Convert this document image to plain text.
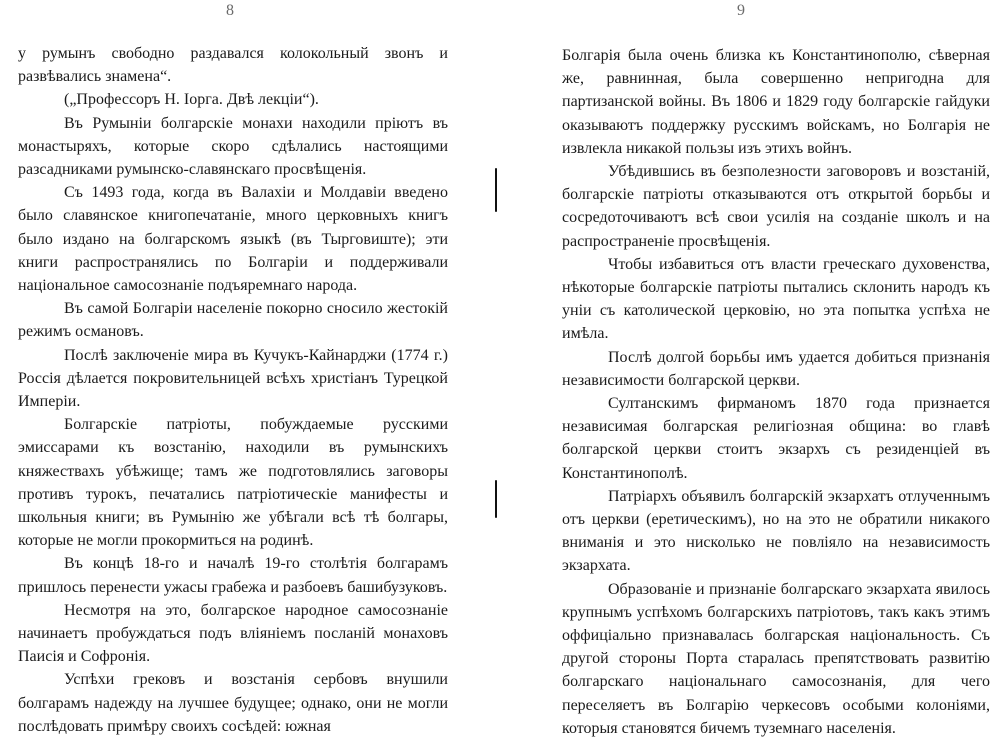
8

у румынъ свободно раздавался колокольный звонъ и развѣвались знамена“.

(„Профессоръ Н. Іорга. Двѣ лекціи“).

Въ Румыніи болгарскіе монахи находили пріютъ въ монастыряхъ, которые скоро сдѣлались настоящими разсадниками румынско-славянскаго просвѣщенія.

Съ 1493 года, когда въ Валахіи и Молдавіи введено было славянское книгопечатаніе, много церковныхъ книгъ было издано на болгарскомъ языкѣ (въ Тырговиште); эти книги распространялись по Болгаріи и поддерживали національное самосознаніе подъяремнаго народа.

Въ самой Болгаріи населеніе покорно сносило жестокій режимъ османовъ.

Послѣ заключеніе мира въ Кучукъ-Кайнарджи (1774 г.) Россія дѣлается покровительницей всѣхъ христіанъ Турецкой Имперіи.

Болгарскіе патріоты, побуждаемые русскими эмиссарами къ возстанію, находили въ румынскихъ княжествахъ убѣжище; тамъ же подготовлялись заговоры противъ турокъ, печатались патріотическіе манифесты и школьныя книги; въ Румынію же убѣгали всѣ тѣ болгары, которые не могли прокормиться на родинѣ.

Въ концѣ 18-го и началѣ 19-го столѣтія болгарамъ пришлось перенести ужасы грабежа и разбоевъ башибузуковъ.

Несмотря на это, болгарское народное самосознаніе начинаетъ пробуждаться подъ вліяніемъ посланій монаховъ Паисія и Софронія.

Успѣхи грековъ и возстанія сербовъ внушили болгарамъ надежду на лучшее будущее; однако, они не могли послѣдовать примѣру своихъ сосѣдей: южная

9

Болгарія была очень близка къ Константинополю, сѣверная же, равнинная, была совершенно непригодна для партизанской войны. Въ 1806 и 1829 году болгарскіе гайдуки оказываютъ поддержку русскимъ войскамъ, но Болгарія не извлекла никакой пользы изъ этихъ войнъ.

Убѣдившись въ безполезности заговоровъ и возстаній, болгарскіе патріоты отказываются отъ открытой борьбы и сосредоточиваютъ всѣ свои усилія на созданіе школъ и на распространеніе просвѣщенія.

Чтобы избавиться отъ власти греческаго духовенства, нѣкоторые болгарскіе патріоты пытались склонить народъ къ уніи съ католической церковію, но эта попытка успѣха не имѣла.

Послѣ долгой борьбы имъ удается добиться признанія независимости болгарской церкви.

Султанскимъ фирманомъ 1870 года признается независимая болгарская религіозная община: во главѣ болгарской церкви стоитъ экзархъ съ резиденціей въ Константинополѣ.

Патріархъ объявилъ болгарскій экзархатъ отлученнымъ отъ церкви (еретическимъ), но на это не обратили никакого вниманія и это нисколько не повліяло на независимость экзархата.

Образованіе и признаніе болгарскаго экзархата явилось крупнымъ успѣхомъ болгарскихъ патріотовъ, такъ какъ этимъ оффиціально признавалась болгарская національность. Съ другой стороны Порта старалась препятствовать развитію болгарскаго національнаго самосознанія, для чего переселяетъ въ Болгарію черкесовъ особыми колоніями, которыя становятся бичемъ туземнаго населенія.
